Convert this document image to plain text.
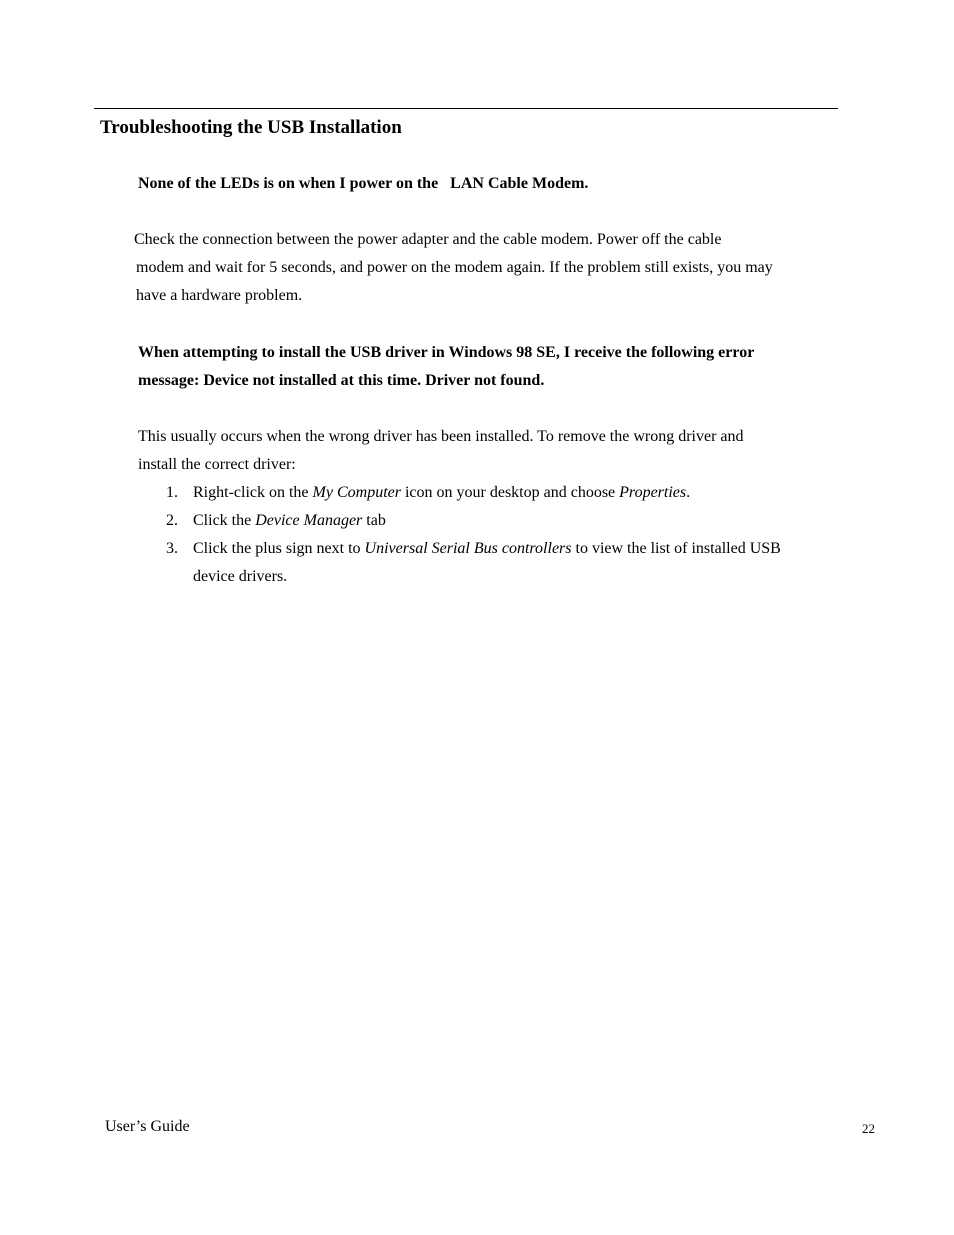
Troubleshooting the USB Installation

None of the LEDs is on when I power on the   LAN Cable Modem.

Check the connection between the power adapter and the cable modem. Power off the cable
modem and wait for 5 seconds, and power on the modem again. If the problem still exists, you may
have a hardware problem.

When attempting to install the USB driver in Windows 98 SE, I receive the following error
message: Device not installed at this time. Driver not found.

This usually occurs when the wrong driver has been installed. To remove the wrong driver and
install the correct driver:

1. Right-click on the My Computer icon on your desktop and choose Properties.
2. Click the Device Manager tab
3. Click the plus sign next to Universal Serial Bus controllers to view the list of installed USB
device drivers.
User’s Guide	22
